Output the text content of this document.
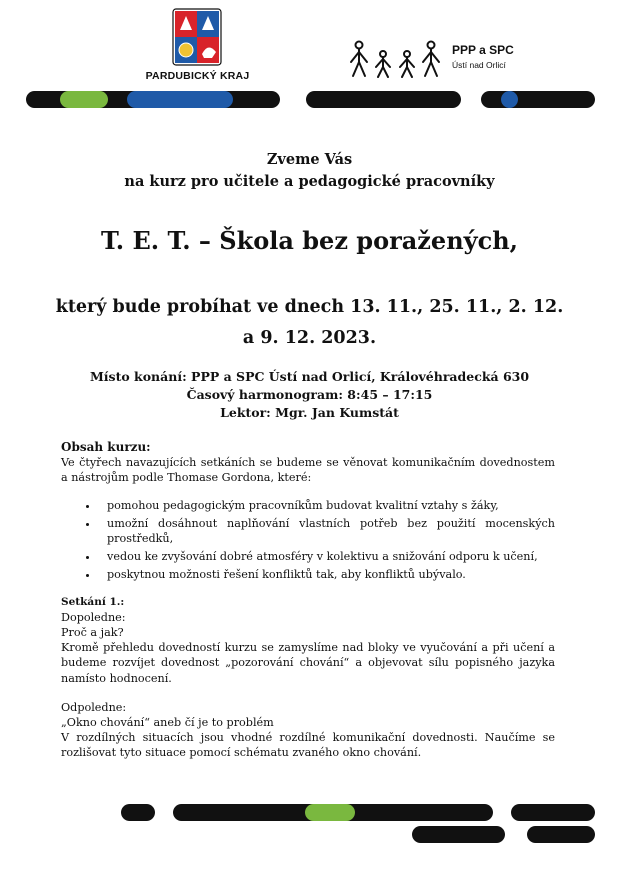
PARDUBICKÝ KRAJ
PPP a SPC
Ústí nad Orlicí
Zveme Vás
na kurz pro učitele a pedagogické pracovníky
T. E. T. – Škola bez poražených,
který bude probíhat ve dnech 13. 11., 25. 11., 2. 12.
a 9. 12. 2023.
Místo konání: PPP a SPC Ústí nad Orlicí, Královéhradecká 630
Časový harmonogram: 8:45 – 17:15
Lektor: Mgr. Jan Kumstát

Obsah kurzu:

Ve čtyřech navazujících setkáních se budeme se věnovat komunikačním dovednostem a nástrojům podle Thomase Gordona, které:

• pomohou pedagogickým pracovníkům budovat kvalitní vztahy s žáky,
• umožní dosáhnout naplňování vlastních potřeb bez použití mocenských prostředků,
• vedou ke zvyšování dobré atmosféry v kolektivu a snižování odporu k učení,
• poskytnou možnosti řešení konfliktů tak, aby konfliktů ubývalo.

Setkání 1.:

Dopoledne:

Proč a jak?

Kromě přehledu dovedností kurzu se zamyslíme nad bloky ve vyučování a při učení a budeme rozvíjet dovednost „pozorování chování“ a objevovat sílu popisného jazyka namísto hodnocení.

Odpoledne:

„Okno chování“ aneb čí je to problém

V rozdílných situacích jsou vhodné rozdílné komunikační dovednosti. Naučíme se rozlišovat tyto situace pomocí schématu zvaného okno chování.
